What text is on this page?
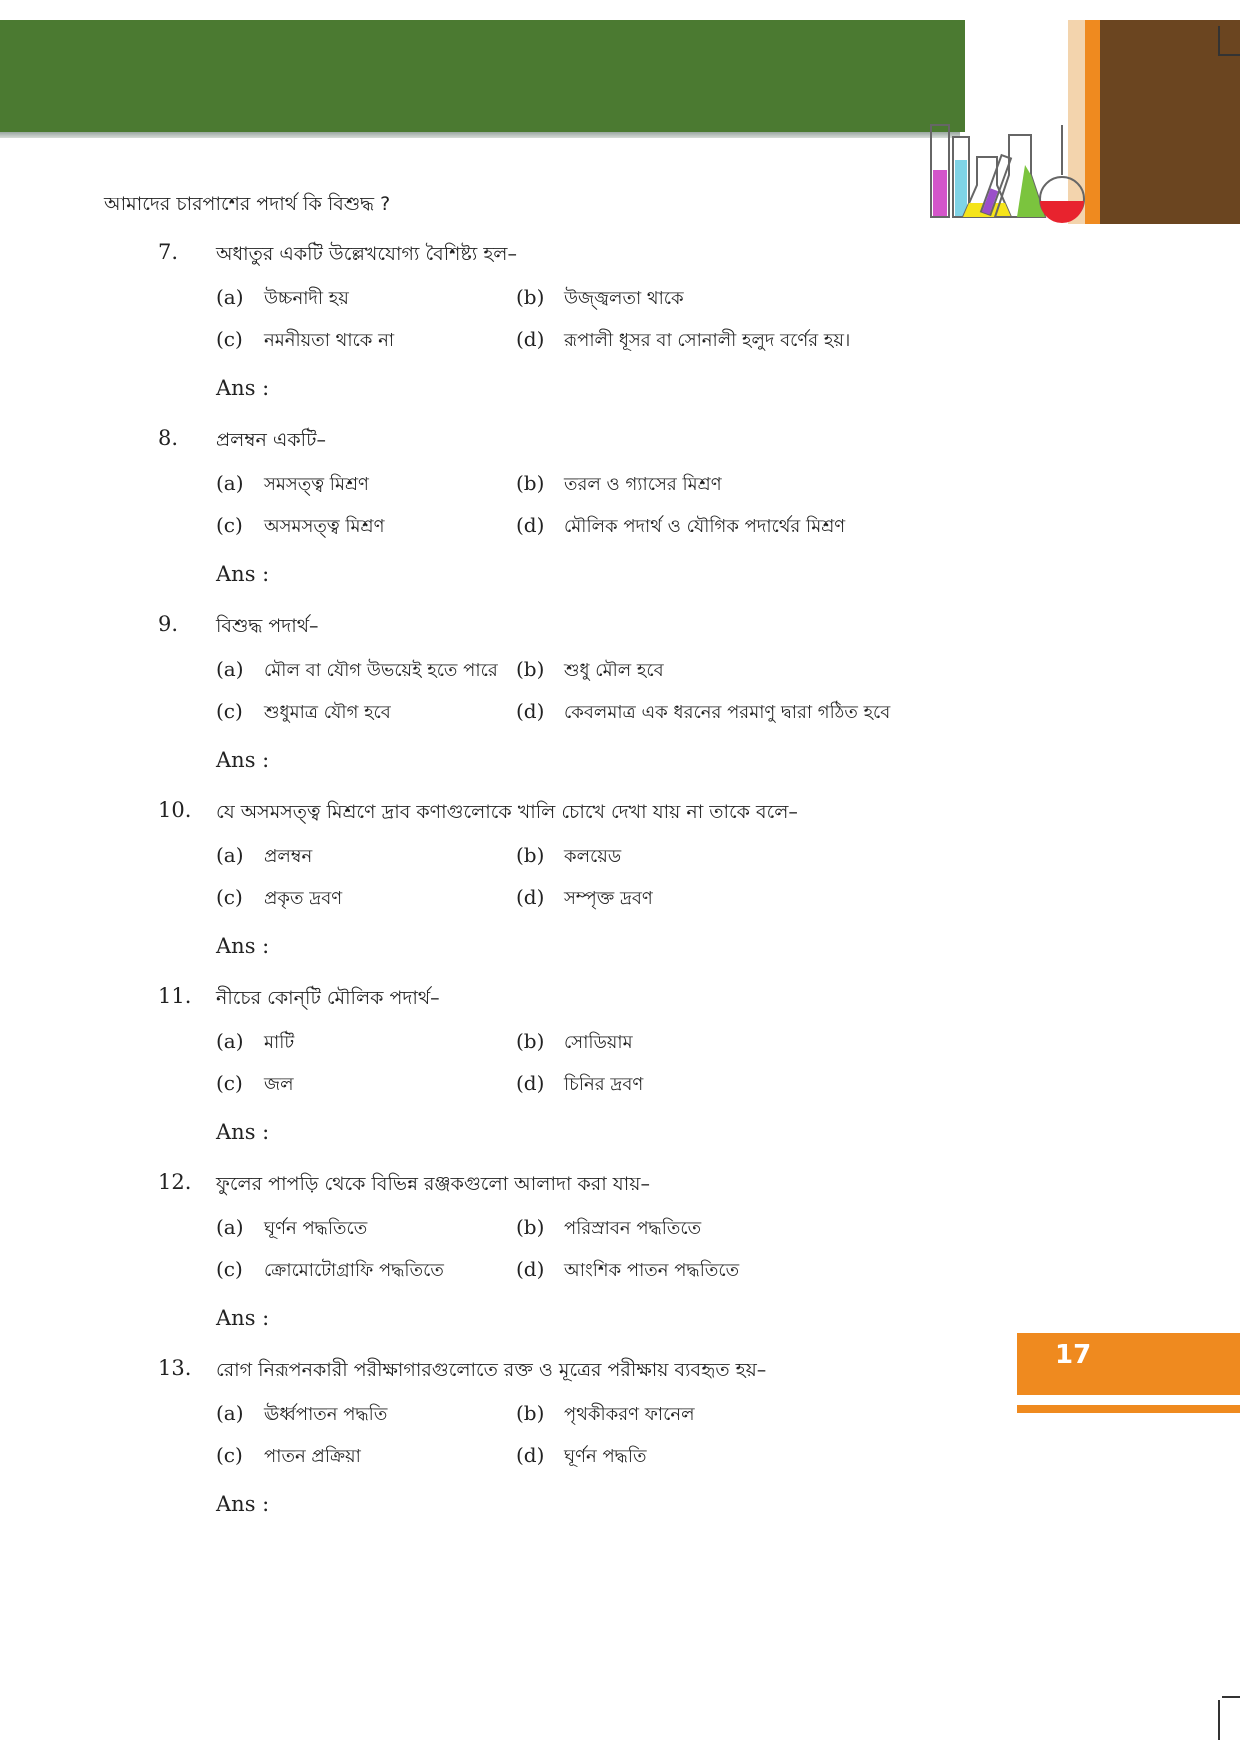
আমাদের চারপাশের পদার্থ কি বিশুদ্ধ ?
7. অধাতুর একটি উল্লেখযোগ্য বৈশিষ্ট্য হল–
(a) উচ্চনাদী হয়	(b) উজ্জ্বলতা থাকে
(c) নমনীয়তা থাকে না	(d) রূপালী ধূসর বা সোনালী হলুদ বর্ণের হয়।
Ans :
8. প্রলম্বন একটি–
(a) সমসত্ত্ব মিশ্রণ	(b) তরল ও গ্যাসের মিশ্রণ
(c) অসমসত্ত্ব মিশ্রণ	(d) মৌলিক পদার্থ ও যৌগিক পদার্থের মিশ্রণ
Ans :
9. বিশুদ্ধ পদার্থ–
(a) মৌল বা যৌগ উভয়েই হতে পারে (b) শুধু মৌল হবে
(c) শুধুমাত্র যৌগ হবে	(d) কেবলমাত্র এক ধরনের পরমাণু দ্বারা গঠিত হবে
Ans :
10. যে অসমসত্ত্ব মিশ্রণে দ্রাব কণাগুলোকে খালি চোখে দেখা যায় না তাকে বলে–
(a) প্রলম্বন	(b) কলয়েড
(c) প্রকৃত দ্রবণ	(d) সম্পৃক্ত দ্রবণ
Ans :
11. নীচের কোন্‌টি মৌলিক পদার্থ–
(a) মাটি	(b) সোডিয়াম
(c) জল	(d) চিনির দ্রবণ
Ans :
12. ফুলের পাপড়ি থেকে বিভিন্ন রঞ্জকগুলো আলাদা করা যায়–
(a) ঘূর্ণন পদ্ধতিতে	(b) পরিস্রাবন পদ্ধতিতে
(c) ক্রোমোটোগ্রাফি পদ্ধতিতে	(d) আংশিক পাতন পদ্ধতিতে
Ans :
13. রোগ নিরূপনকারী পরীক্ষাগারগুলোতে রক্ত ও মূত্রের পরীক্ষায় ব্যবহৃত হয়–
(a) ঊর্ধ্বপাতন পদ্ধতি	(b) পৃথকীকরণ ফানেল
(c) পাতন প্রক্রিয়া	(d) ঘূর্ণন পদ্ধতি
Ans :
17
